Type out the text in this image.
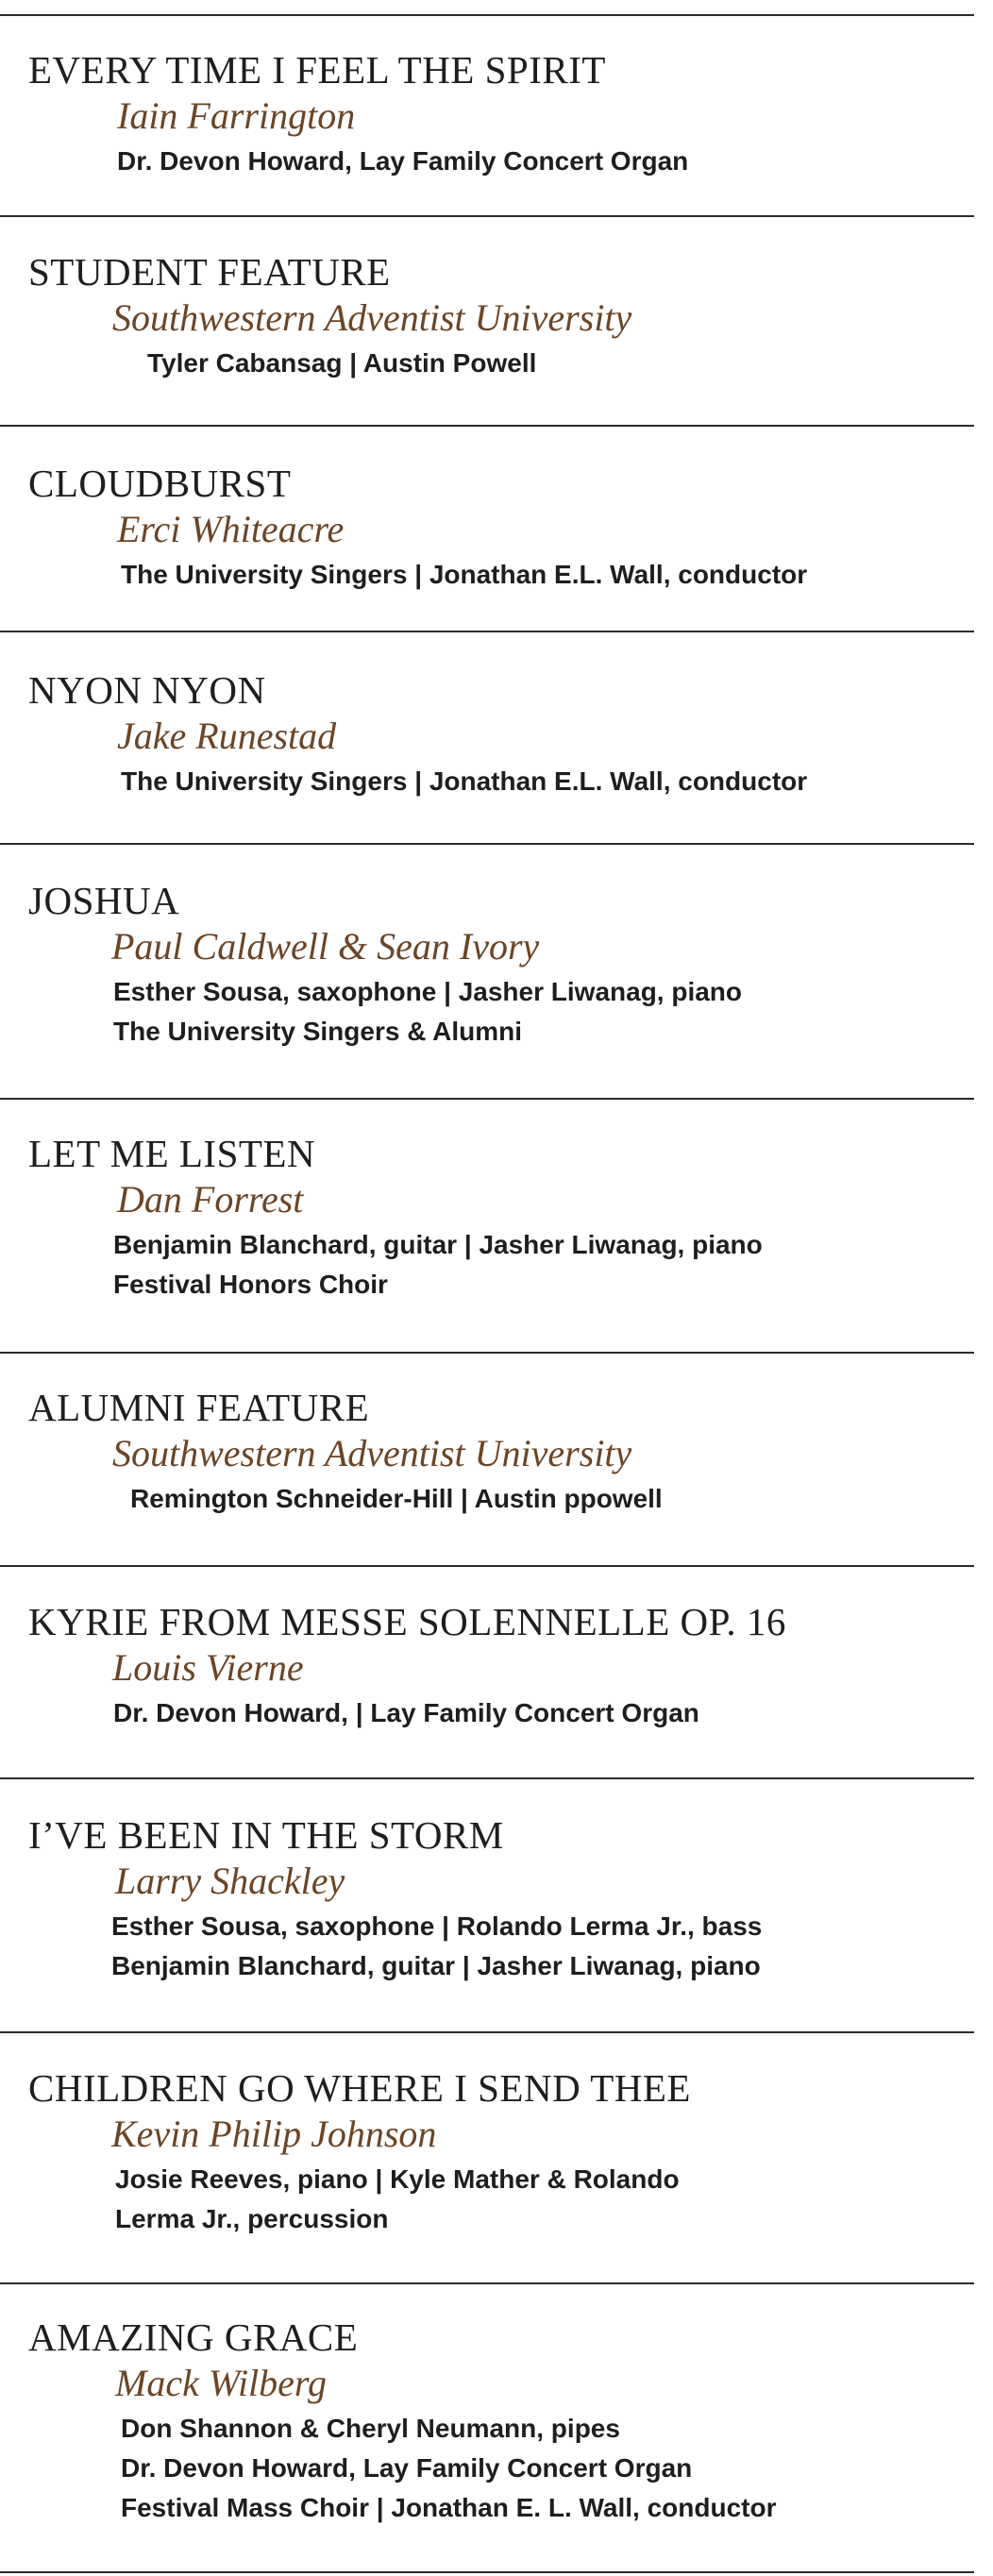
EVERY TIME I FEEL THE SPIRIT
Iain Farrington
Dr. Devon Howard, Lay Family Concert Organ
STUDENT FEATURE
Southwestern Adventist University
Tyler Cabansag | Austin Powell
CLOUDBURST
Erci Whiteacre
The University Singers | Jonathan E.L. Wall, conductor
NYON NYON
Jake Runestad
The University Singers | Jonathan E.L. Wall, conductor
JOSHUA
Paul Caldwell & Sean Ivory
Esther Sousa, saxophone | Jasher Liwanag, piano
The University Singers & Alumni
LET ME LISTEN
Dan Forrest
Benjamin Blanchard, guitar | Jasher Liwanag, piano
Festival Honors Choir
ALUMNI FEATURE
Southwestern Adventist University
Remington Schneider-Hill | Austin ppowell
KYRIE FROM MESSE SOLENNELLE OP. 16
Louis Vierne
Dr. Devon Howard, | Lay Family Concert Organ
I’VE BEEN IN THE STORM
Larry Shackley
Esther Sousa, saxophone | Rolando Lerma Jr., bass
Benjamin Blanchard, guitar | Jasher Liwanag, piano
CHILDREN GO WHERE I SEND THEE
Kevin Philip Johnson
Josie Reeves, piano | Kyle Mather & Rolando
Lerma Jr., percussion
AMAZING GRACE
Mack Wilberg
Don Shannon & Cheryl Neumann, pipes
Dr. Devon Howard, Lay Family Concert Organ
Festival Mass Choir | Jonathan E. L. Wall, conductor
